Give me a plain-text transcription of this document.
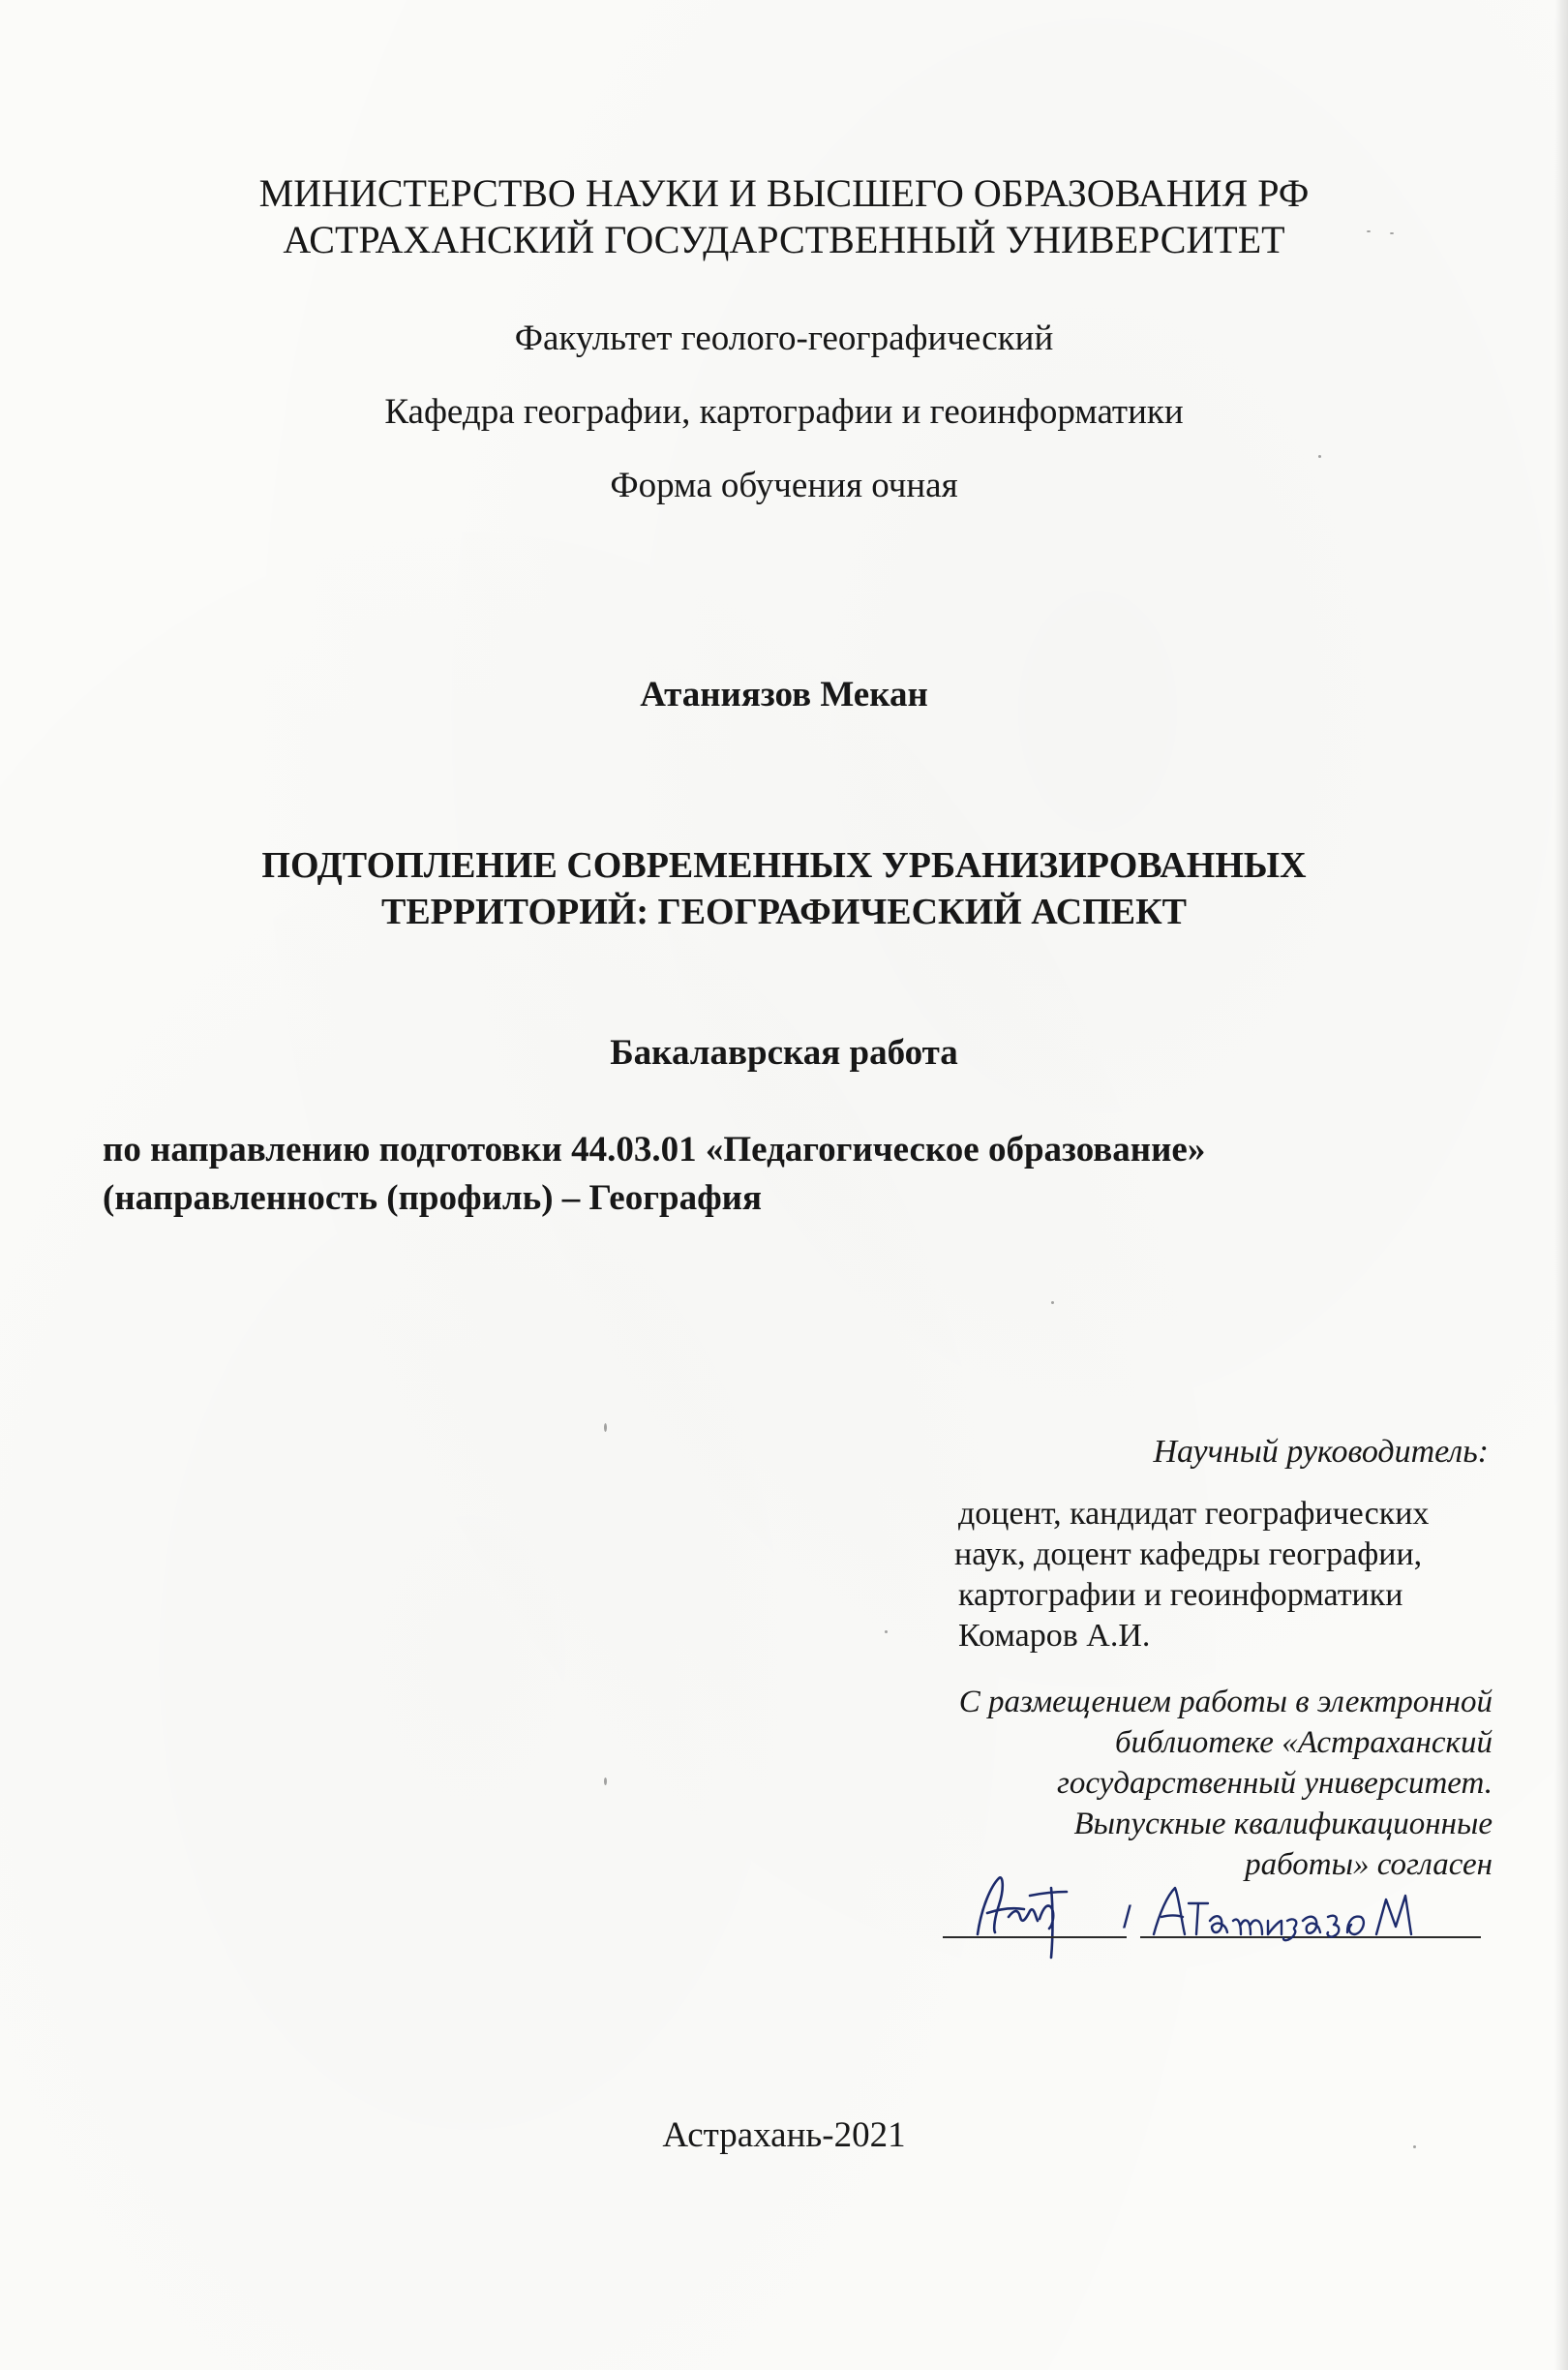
МИНИСТЕРСТВО НАУКИ И ВЫСШЕГО ОБРАЗОВАНИЯ РФ
АСТРАХАНСКИЙ ГОСУДАРСТВЕННЫЙ УНИВЕРСИТЕТ
Факультет геолого-географический
Кафедра географии, картографии и геоинформатики
Форма обучения очная
Атаниязов Мекан
ПОДТОПЛЕНИЕ СОВРЕМЕННЫХ УРБАНИЗИРОВАННЫХ
ТЕРРИТОРИЙ: ГЕОГРАФИЧЕСКИЙ АСПЕКТ
Бакалаврская работа
по направлению подготовки 44.03.01 «Педагогическое образование»
(направленность (профиль) – География
Научный руководитель:
доцент, кандидат географических
наук, доцент кафедры географии,
картографии и геоинформатики
Комаров А.И.
С размещением работы в электронной
библиотеке «Астраханский
государственный университет.
Выпускные квалификационные
работы» согласен
/
Астрахань-2021
